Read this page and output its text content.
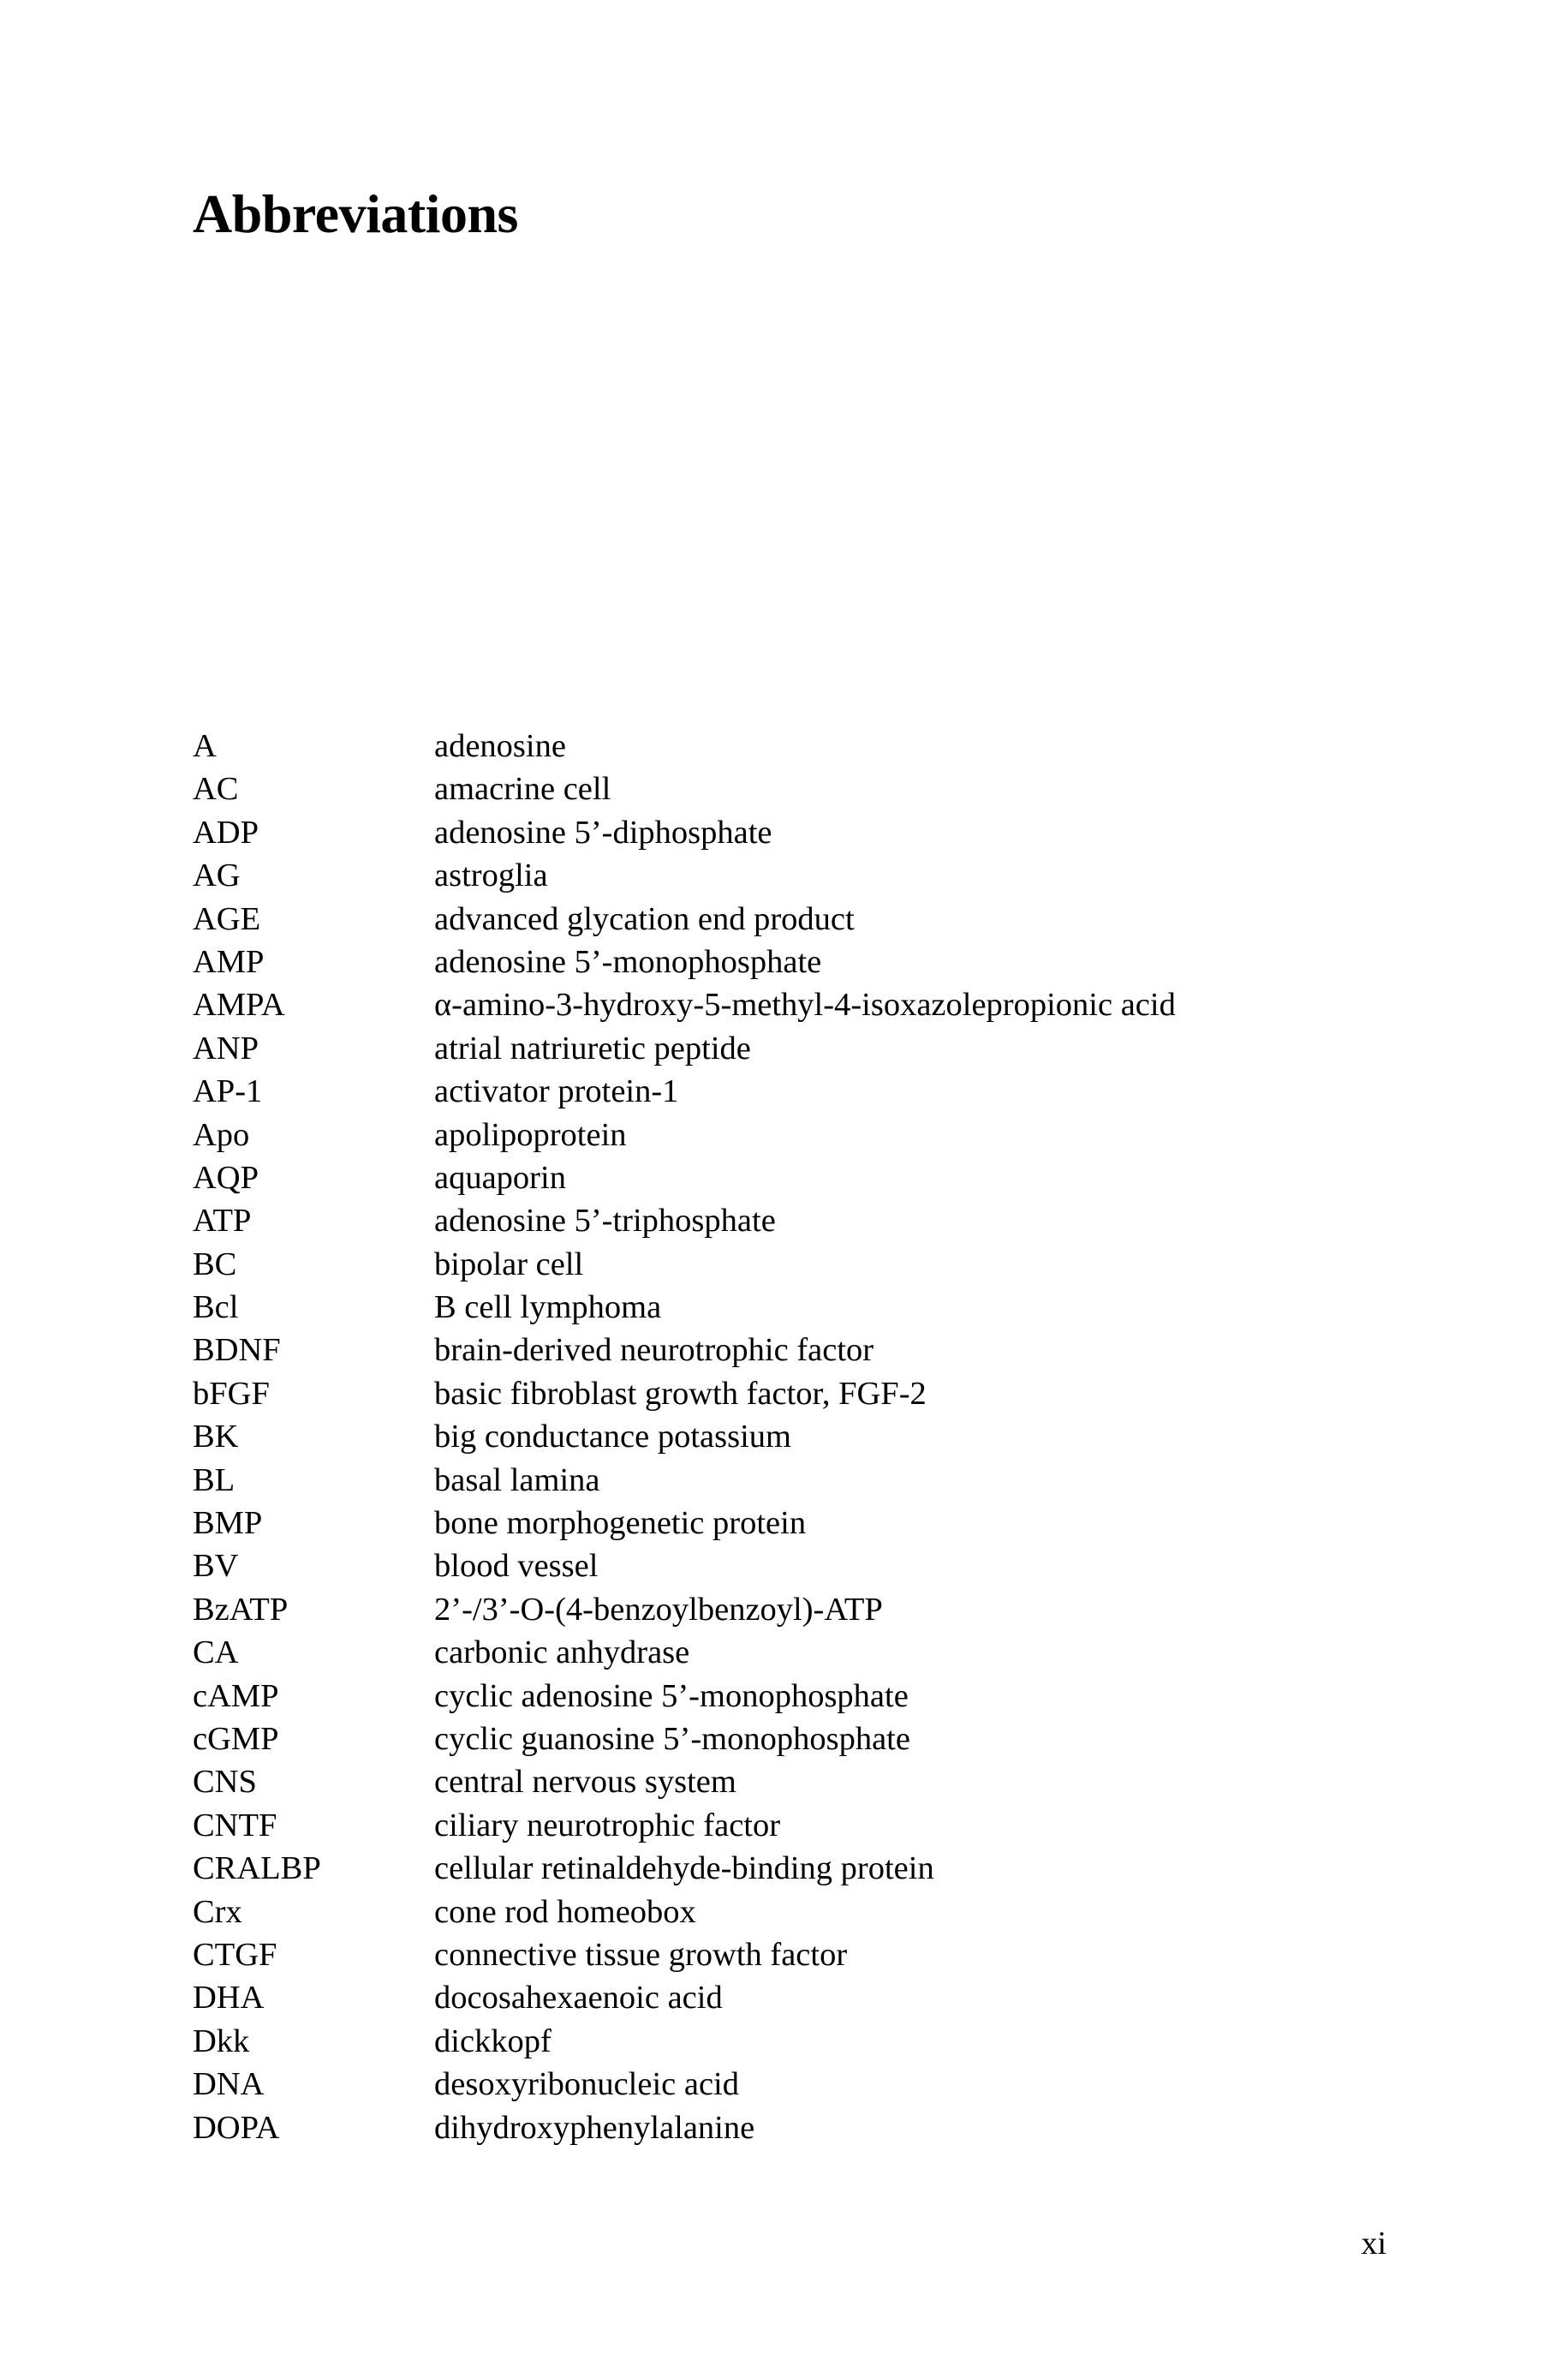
Abbreviations
A	adenosine
AC	amacrine cell
ADP	adenosine 5’-diphosphate
AG	astroglia
AGE	advanced glycation end product
AMP	adenosine 5’-monophosphate
AMPA	α-amino-3-hydroxy-5-methyl-4-isoxazolepropionic acid
ANP	atrial natriuretic peptide
AP-1	activator protein-1
Apo	apolipoprotein
AQP	aquaporin
ATP	adenosine 5’-triphosphate
BC	bipolar cell
Bcl	B cell lymphoma
BDNF	brain-derived neurotrophic factor
bFGF	basic fibroblast growth factor, FGF-2
BK	big conductance potassium
BL	basal lamina
BMP	bone morphogenetic protein
BV	blood vessel
BzATP	2’-/3’-O-(4-benzoylbenzoyl)-ATP
CA	carbonic anhydrase
cAMP	cyclic adenosine 5’-monophosphate
cGMP	cyclic guanosine 5’-monophosphate
CNS	central nervous system
CNTF	ciliary neurotrophic factor
CRALBP	cellular retinaldehyde-binding protein
Crx	cone rod homeobox
CTGF	connective tissue growth factor
DHA	docosahexaenoic acid
Dkk	dickkopf
DNA	desoxyribonucleic acid
DOPA	dihydroxyphenylalanine
xi
